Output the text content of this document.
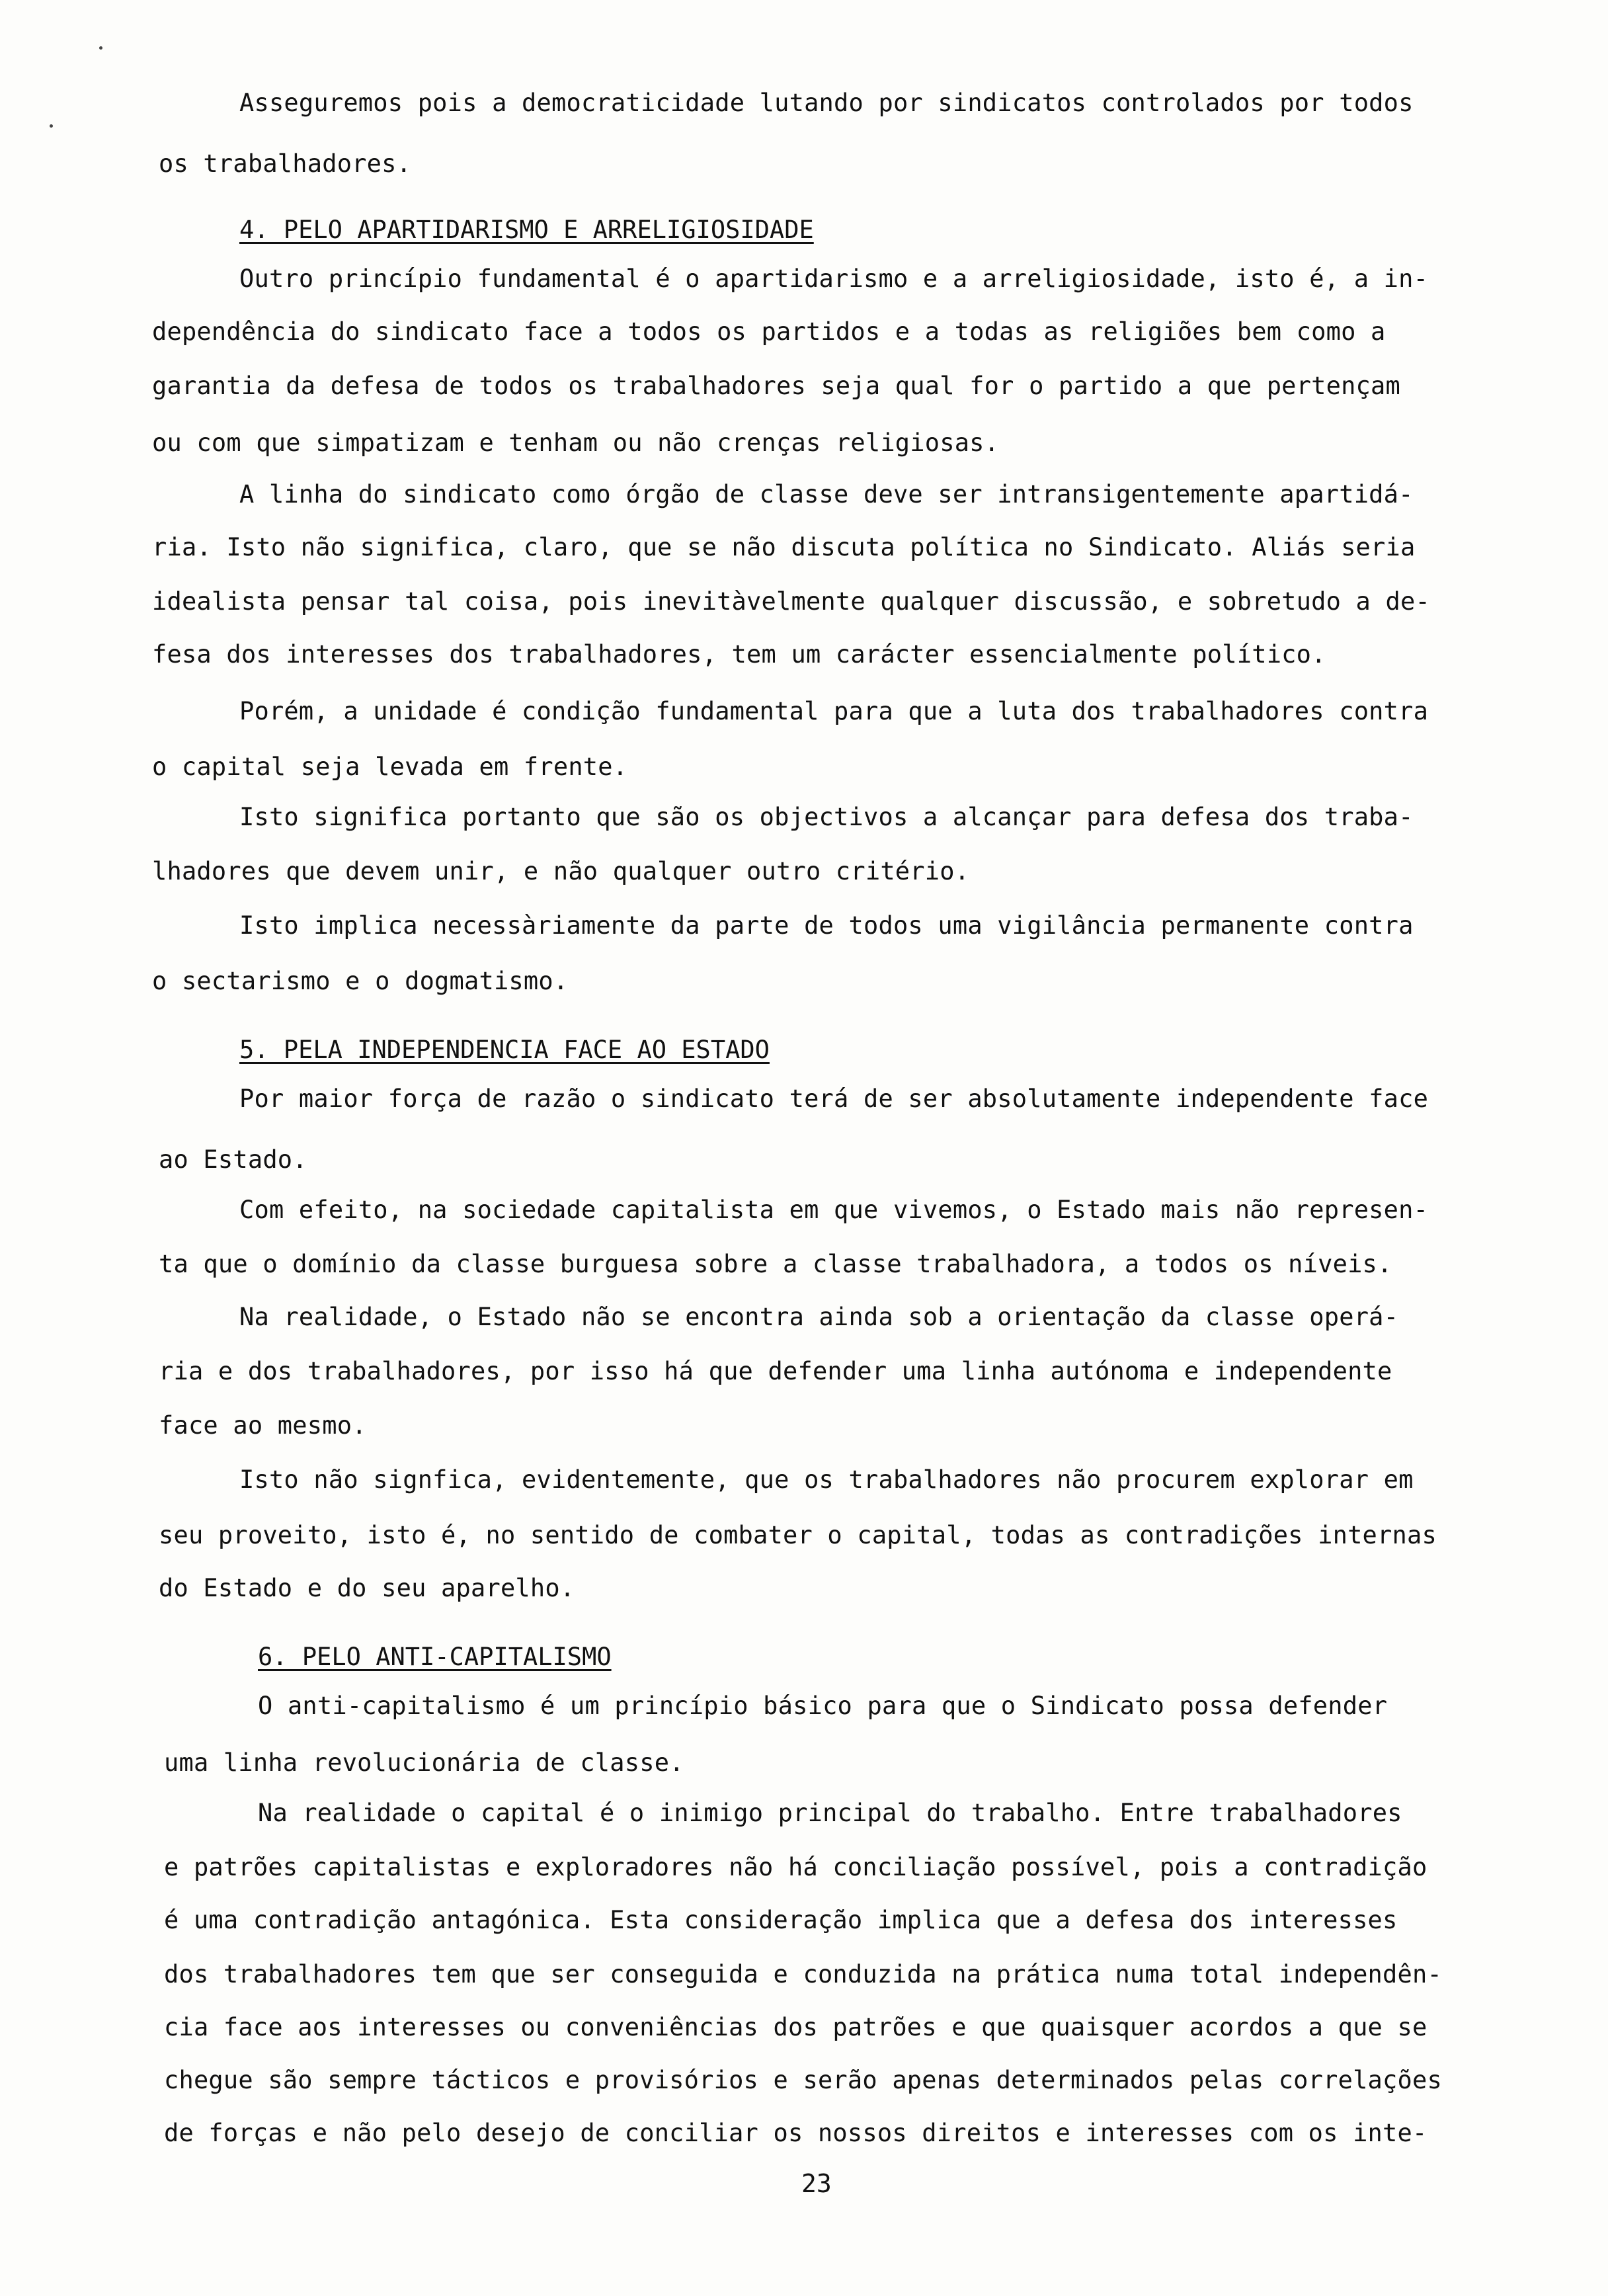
Asseguremos pois a democraticidade lutando por sindicatos controlados por todos
os trabalhadores.
4. PELO APARTIDARISMO E ARRELIGIOSIDADE
Outro princípio fundamental é o apartidarismo e a arreligiosidade, isto é, a in-
dependência do sindicato face a todos os partidos e a todas as religiões bem como a
garantia da defesa de todos os trabalhadores seja qual for o partido a que pertençam
ou com que simpatizam e tenham ou não crenças religiosas.
A linha do sindicato como órgão de classe deve ser intransigentemente apartidá-
ria. Isto não significa, claro, que se não discuta política no Sindicato. Aliás seria
idealista pensar tal coisa, pois inevitàvelmente qualquer discussão, e sobretudo a de-
fesa dos interesses dos trabalhadores, tem um carácter essencialmente político.
Porém, a unidade é condição fundamental para que a luta dos trabalhadores contra
o capital seja levada em frente.
Isto significa portanto que são os objectivos a alcançar para defesa dos traba-
lhadores que devem unir, e não qualquer outro critério.
Isto implica necessàriamente da parte de todos uma vigilância permanente contra
o sectarismo e o dogmatismo.
5. PELA INDEPENDENCIA FACE AO ESTADO
Por maior força de razão o sindicato terá de ser absolutamente independente face
ao Estado.
Com efeito, na sociedade capitalista em que vivemos, o Estado mais não represen-
ta que o domínio da classe burguesa sobre a classe trabalhadora, a todos os níveis.
Na realidade, o Estado não se encontra ainda sob a orientação da classe operá-
ria e dos trabalhadores, por isso há que defender uma linha autónoma e independente
face ao mesmo.
Isto não signfica, evidentemente, que os trabalhadores não procurem explorar em
seu proveito, isto é, no sentido de combater o capital, todas as contradições internas
do Estado e do seu aparelho.
6. PELO ANTI-CAPITALISMO
O anti-capitalismo é um princípio básico para que o Sindicato possa defender
uma linha revolucionária de classe.
Na realidade o capital é o inimigo principal do trabalho. Entre trabalhadores
e patrões capitalistas e exploradores não há conciliação possível, pois a contradição
é uma contradição antagónica. Esta consideração implica que a defesa dos interesses
dos trabalhadores tem que ser conseguida e conduzida na prática numa total independên-
cia face aos interesses ou conveniências dos patrões e que quaisquer acordos a que se
chegue são sempre tácticos e provisórios e serão apenas determinados pelas correlações
de forças e não pelo desejo de conciliar os nossos direitos e interesses com os inte-
23
